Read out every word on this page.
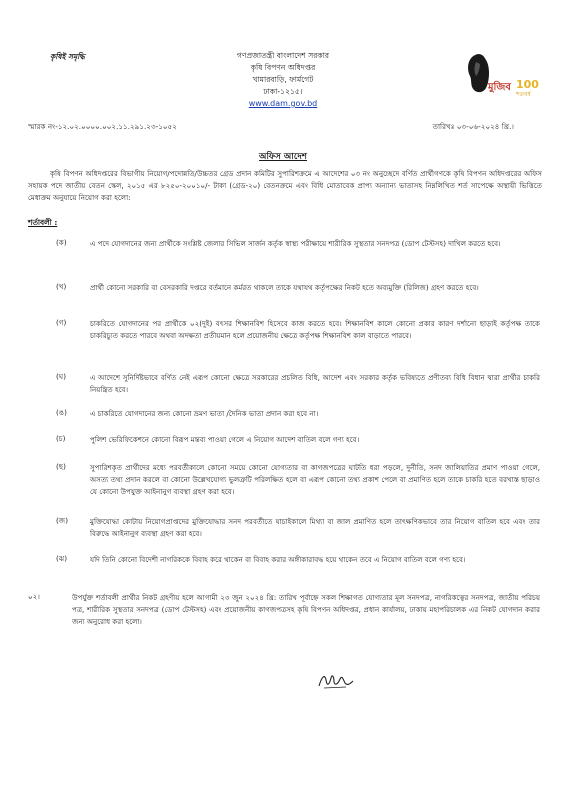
কৃষিই সমৃদ্ধি	গণপ্রজাতন্ত্রী বাংলাদেশ সরকার
কৃষি বিপণন অধিদপ্তর
খামারবাড়ি, ফার্মগেট
ঢাকা-১২১৫।
www.dam.gov.bd
মুজিব
শতবর্ষ
100
স্মারক নং-১২.০২.০০০০.০০২.১১.২৯১.২৩-১০৫২	তারিখঃ ০৩-০৬-২০২৪ খ্রি.।
অফিস আদেশ
কৃষি বিপণন অধিদপ্তরের বিভাগীয় নিয়োগ/পদোন্নতি/উচ্চতর গ্রেড প্রদান কমিটির সুপারিশক্রমে এ আদেশের ০৩ নং অনুচ্ছেদে বর্ণিত প্রার্থীগণকে কৃষি বিপণন অধিদপ্তরের অফিস সহায়ক পদে জাতীয় বেতন স্কেল, ২০১৫ এর ৮২৫০-২০০১০/- টাকা (গ্রেড-২০) বেতনক্রমে এবং বিধি মোতাবেক প্রাপ্য অন্যান্য ভাতাসহ নিম্নলিখিত শর্ত সাপেক্ষে অস্থায়ী ভিত্তিতে মেধাক্রম অনুযায়ে নিয়োগ করা হলো:
শর্তাবলী :
(ক)	এ পদে যোগদানের জন্য প্রার্থীকে সংশ্লিষ্ট জেলার সিভিল সার্জন কর্তৃক স্বাস্থ্য পরীক্ষায়ে শারীরিক সুস্থতার সনদপত্র (ডোপ টেস্টসহ) দাখিল করতে হবে।
(খ)	প্রার্থী কোনো সরকারি বা বেসরকারি দপ্তরে বর্তমানে কর্মরত থাকলে তাকে যথাযথ কর্তৃপক্ষের নিকট হতে অব্যমুক্তি (রিলিজ) গ্রহণ করতে হবে।
(গ)	চাকরিতে যোগদানের পর প্রার্থীকে ০২(দুই) বৎসর শিক্ষানবিশ হিসেবে কাজ করতে হবে। শিক্ষানবিশ কালে কোনো প্রকার কারণ দর্শানো ছাড়াই কর্তৃপক্ষ তাকে চাকরিচ্যুত করতে পারবে অথবা অদক্ষতা প্রতীয়মান হলে প্রয়োজনীয় ক্ষেত্রে কর্তৃপক্ষ শিক্ষানবিশ কাল বাড়াতে পারবে।
(ঘ)	এ আদেশে সুনির্দিষ্টভাবে বর্ণিত নেই এরূপ কোনো ক্ষেত্রে সরকারের প্রচলিত বিধি, আদেশ এবং সরকার কর্তৃক ভবিষ্যতে প্রণীতব্য বিধি বিধান দ্বারা প্রার্থীর চাকরি নিয়ন্ত্রিত হবে।
(ঙ)	এ চাকরিতে যোগদানের জন্য কোনো ভ্রমণ ভাতা /দৈনিক ভাতা প্রদান করা হবে না।
(চ)	পুলিশ ভেরিফিকেশনে কোনো বিরূপ মন্তব্য পাওয়া গেলে এ নিয়োগ আদেশ বাতিল বলে গণ্য হবে।
(ছ)	সুপারিশকৃত প্রার্থীদের মধ্যে পরবর্তীকালে কোনো সময়ে কোনো যোগ্যতার বা কাগজপত্রের ঘাটতি ধরা পড়লে, দুর্নীতি, সনদ জালিয়াতির প্রমাণ পাওয়া গেলে, অসত্য তথ্য প্রদান করলে বা কোনো উল্লেখযোগ্য ভুলত্রুটি পরিলক্ষিত হলে বা এরূপ কোনো তথ্য প্রকাশ পেলে বা প্রমাণিত হলে তাকে চাকরি হতে বরখাস্ত ছাড়াও যে কোনো উপযুক্ত আইনানুগ ব্যবস্থা গ্রহণ করা হবে।
(জ)	মুক্তিযোদ্ধা কোটায় নিয়োগপ্রাপ্তদের মুক্তিযোদ্ধার সনদ পরবর্তীতে যাচাইকালে মিথ্যা বা জাল প্রমাণিত হলে তাৎক্ষণিকভাবে তার নিয়োগ বাতিল হবে এবং তার বিরুদ্ধে আইনানুগ ব্যবস্থা গ্রহণ করা হবে।
(ঝ)	যদি তিনি কোনো বিদেশী নাগরিককে বিবাহ করে থাকেন বা বিবাহ করার অঙ্গীকারাবদ্ধ হয়ে থাকেন তবে এ নিয়োগ বাতিল বলে গণ্য হবে।
০২।	উপর্যুক্ত শর্তাবলী প্রার্থীর নিকট গ্রহণীয় হলে আগামী ২৩ জুন ২০২৪ খ্রি: তারিখ পূর্বাহ্নে সকল শিক্ষাগত যোগ্যতার মূল সনদপত্র, নাগরিকত্বের সনদপত্র, জাতীয় পরিচয় পত্র, শারীরিক সুস্থতার সনদপত্র (ডোপ টেস্টসহ) এবং প্রয়োজনীয় কাগজপত্রসহ কৃষি বিপণন অধিদপ্তর, প্রধান কার্যালয়, ঢাকায় মহাপরিচালক এর নিকট যোগদান করার জন্য অনুরোধ করা হলো।
